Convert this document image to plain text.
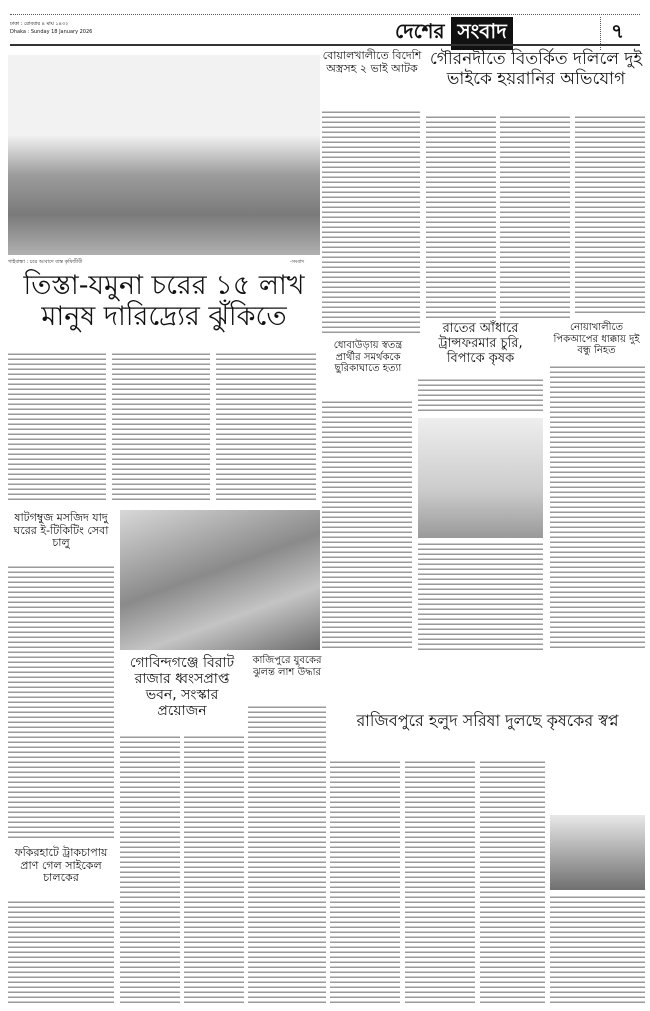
ঢাকা : রোববার ৪ মাঘ ১৪৩২
Dhaka : Sunday 18 January 2026	দেশের সংবাদ	৭
গাইবান্ধা : চরে আবাদে ব্যস্ত কৃষিজীবী	-সংবাদ
তিস্তা-যমুনা চরের ১৫ লাখ মানুষ দারিদ্র্যের ঝুঁকিতে
ষাটগম্বুজ মসজিদ যাদু ঘরের ই-টিকিটিং সেবা চালু
ফকিরহাটে ট্রাকচাপায় প্রাণ গেল সাইকেল চালকের
গোবিন্দগঞ্জে বিরাট রাজার ধ্বংসপ্রাপ্ত ভবন, সংস্কার প্রয়োজন
কাজিপুরে যুবকের ঝুলন্ত লাশ উদ্ধার
বোয়ালখালীতে বিদেশি অস্ত্রসহ ২ ভাই আটক গৌরনদীতে বিতর্কিত দলিলে দুই ভাইকে হয়রানির অভিযোগ
ধোবাউড়ায় স্বতন্ত্র প্রার্থীর সমর্থককে ছুরিকাঘাতে হত্যা
রাতের আঁধারে ট্রান্সফরমার চুরি, বিপাকে কৃষক
নোয়াখালীতে পিকআপের ধাক্কায় দুই বন্ধু নিহত
রাজিবপুরে হলুদ সরিষা দুলছে কৃষকের স্বপ্ন
